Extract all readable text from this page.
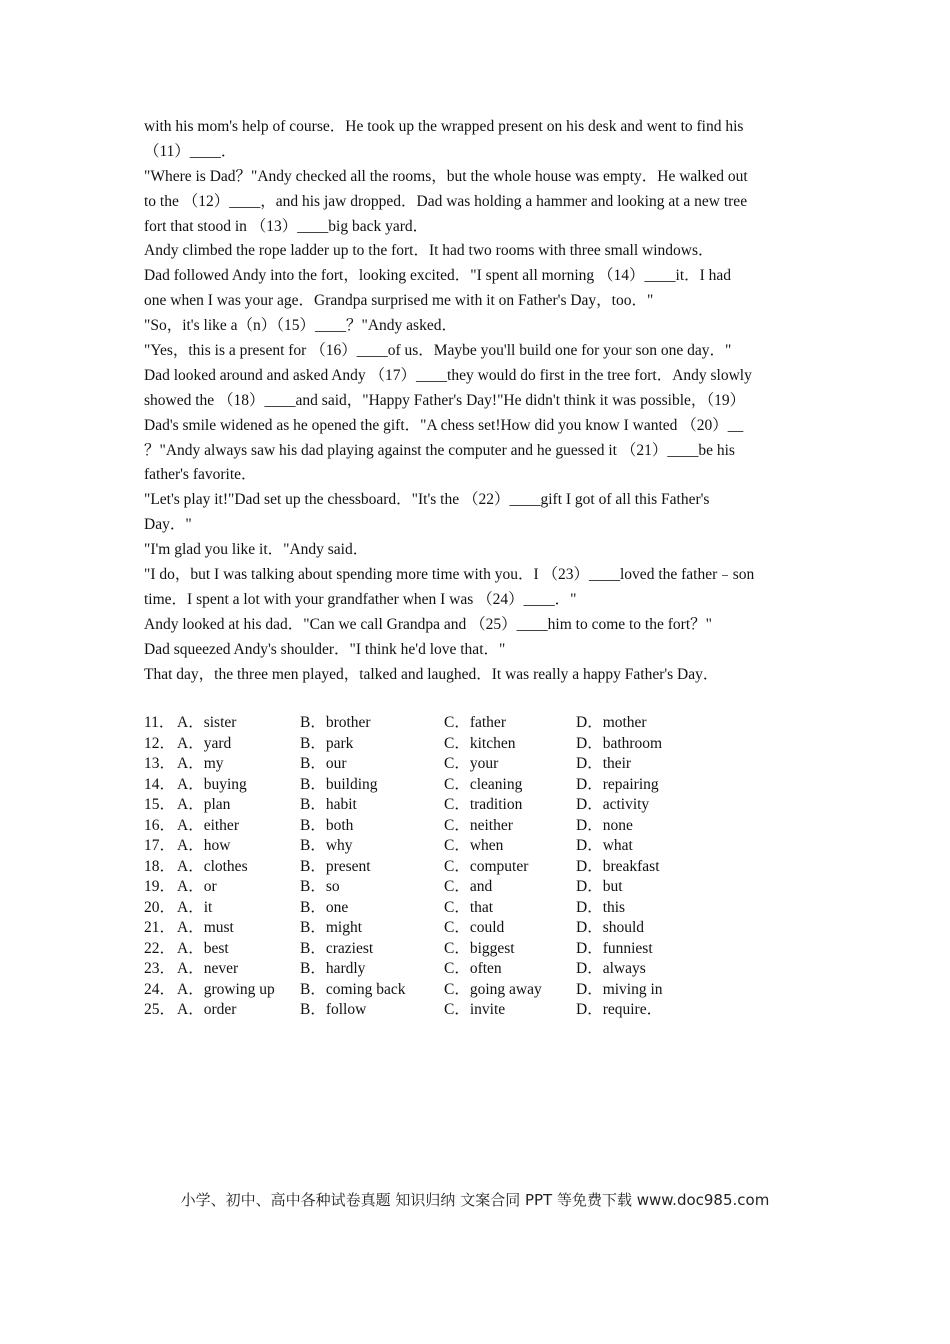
with his mom's help of course．He took up the wrapped present on his desk and went to find his
（11）____．
"Where is Dad？"Andy checked all the rooms，but the whole house was empty．He walked out
to the （12）____，and his jaw dropped．Dad was holding a hammer and looking at a new tree
fort that stood in （13）____big back yard．
Andy climbed the rope ladder up to the fort．It had two rooms with three small windows．
Dad followed Andy into the fort，looking excited．"I spent all morning （14）____it．I had
one when I was your age．Grandpa surprised me with it on Father's Day，too．"
"So，it's like a（n）（15）____？"Andy asked．
"Yes，this is a present for （16）____of us．Maybe you'll build one for your son one day．"
Dad looked around and asked Andy （17）____they would do first in the tree fort．Andy slowly
showed the （18）____and said，"Happy Father's Day!"He didn't think it was possible，（19）
Dad's smile widened as he opened the gift．"A chess set!How did you know I wanted （20）__
？"Andy always saw his dad playing against the computer and he guessed it （21）____be his
father's favorite．
"Let's play it!"Dad set up the chessboard．"It's the （22）____gift I got of all this Father's
Day．"
"I'm glad you like it．"Andy said．
"I do，but I was talking about spending more time with you．I （23）____loved the father﹣son
time．I spent a lot with your grandfather when I was （24）____．"
Andy looked at his dad．"Can we call Grandpa and （25）____him to come to the fort？"
Dad squeezed Andy's shoulder．"I think he'd love that．"
That day，the three men played，talked and laughed．It was really a happy Father's Day．
11． A．sister	B．brother	C．father	D．mother
12． A．yard	B．park	C．kitchen	D．bathroom
13． A．my	B．our	C．your	D．their
14． A．buying	B．building	C．cleaning	D．repairing
15． A．plan	B．habit	C．tradition	D．activity
16． A．either	B．both	C．neither	D．none
17． A．how	B．why	C．when	D．what
18． A．clothes	B．present	C．computer	D．breakfast
19． A．or	B．so	C．and	D．but
20． A．it	B．one	C．that	D．this
21． A．must	B．might	C．could	D．should
22． A．best	B．craziest	C．biggest	D．funniest
23． A．never	B．hardly	C．often	D．always
24． A．growing up B．coming back C．going away D．miving in
25． A．order	B．follow	C．invite	D．require．
小学、初中、高中各种试卷真题 知识归纳 文案合同 PPT 等免费下载 www.doc985.com
